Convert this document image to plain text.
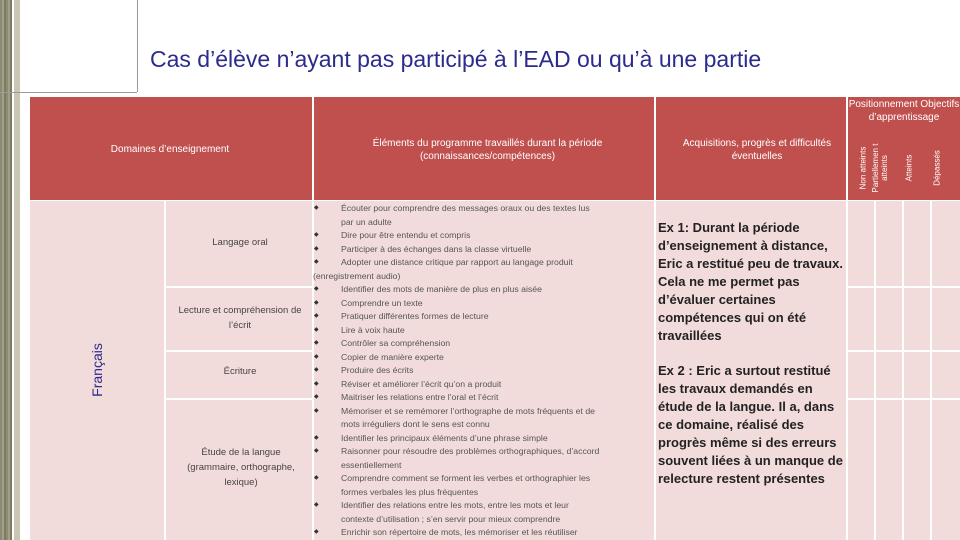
Cas d’élève n’ayant pas participé à l’EAD ou qu’à une partie
Domaines d’enseignement
Éléments du programme travaillés durant la période (connaissances/compétences)
Acquisitions, progrès et difficultés éventuelles
Positionnement Objectifs d’apprentissage
Non atteints Partiellemen t atteints Atteints Dépassés
Français
Langage oral
Lecture et compréhension de l’écrit
Écriture
Étude de la langue (grammaire, orthographe, lexique)

◆ Écouter pour comprendre des messages oraux ou des textes lus

par un adulte

◆ Dire pour être entendu et compris

◆ Participer à des échanges dans la classe virtuelle

◆ Adopter une distance critique par rapport au langage produit

(enregistrement audio)

◆ Identifier des mots de manière de plus en plus aisée

◆ Comprendre un texte

◆ Pratiquer différentes formes de lecture

◆ Lire à voix haute

◆ Contrôler sa compréhension

◆ Copier de manière experte

◆ Produire des écrits

◆ Réviser et améliorer l’écrit qu’on a produit

◆ Maitriser les relations entre l’oral et l’écrit

◆ Mémoriser et se remémorer l’orthographe de mots fréquents et de

mots irréguliers dont le sens est connu

◆ Identifier les principaux éléments d’une phrase simple

◆ Raisonner pour résoudre des problèmes orthographiques, d’accord

essentiellement

◆ Comprendre comment se forment les verbes et orthographier les

formes verbales les plus fréquentes

◆ Identifier des relations entre les mots, entre les mots et leur

contexte d’utilisation ; s’en servir pour mieux comprendre

◆ Enrichir son répertoire de mots, les mémoriser et les réutiliser

Ex 1: Durant la période d’enseignement à distance, Eric a restitué peu de travaux. Cela ne me permet pas d’évaluer certaines compétences qui on été travaillées
Ex 2 : Eric a surtout restitué les travaux demandés en étude de la langue. Il a, dans ce domaine, réalisé des progrès même si des erreurs souvent liées à un manque de relecture restent présentes
